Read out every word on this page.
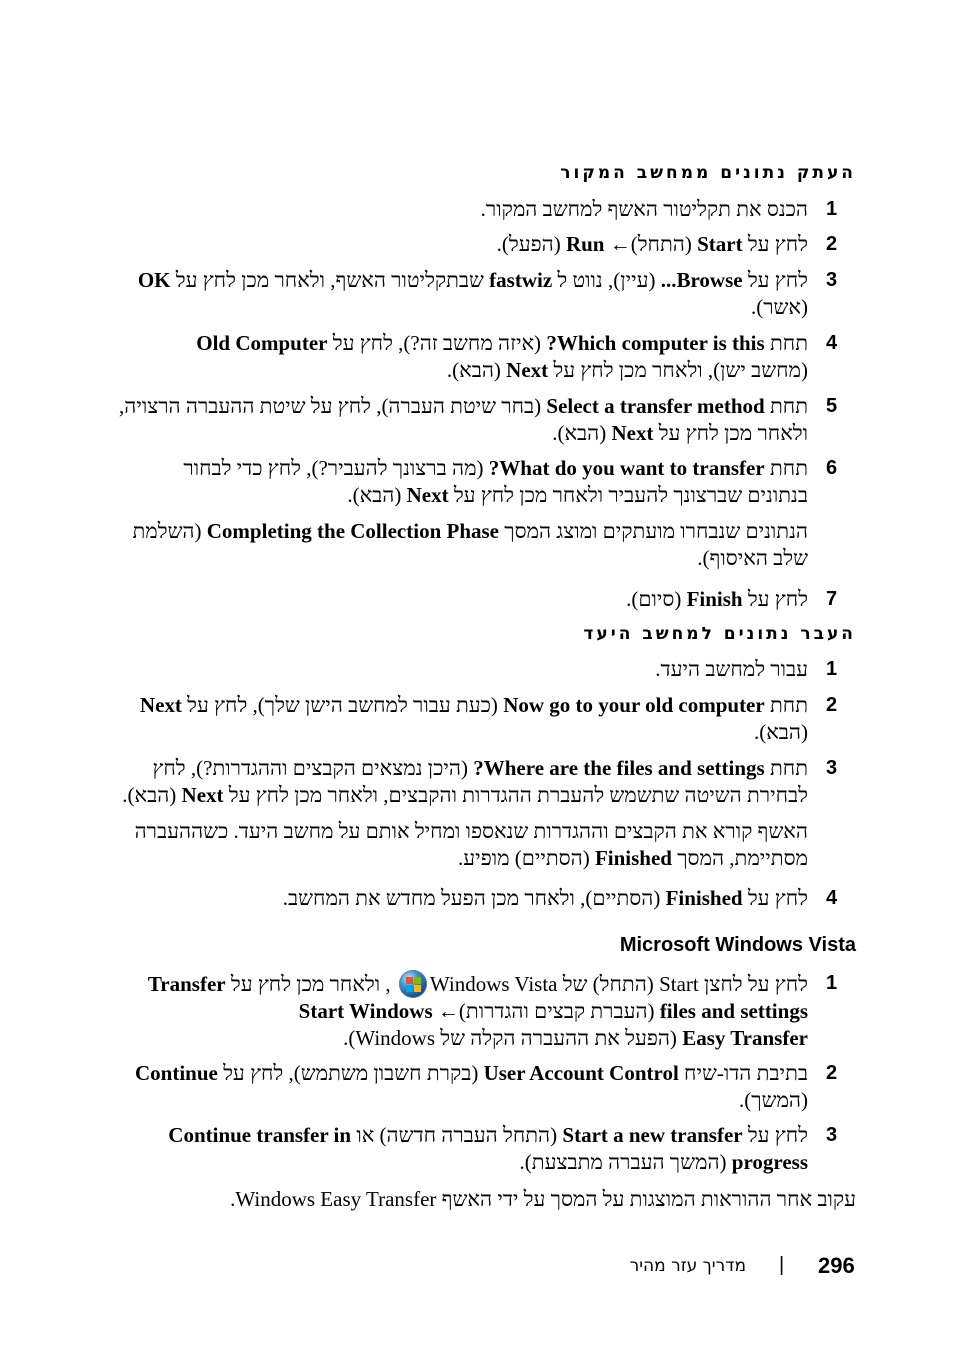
העתק נתונים ממחשב המקור
1
הכנס את תקליטור האשף למחשב המקור.
2
לחץ על Start (התחל)← Run (הפעל).
3
לחץ על Browse... (עיין), נווט ל fastwiz שבתקליטור האשף, ולאחר מכן לחץ על OK
(אשר).
4
תחת Which computer is this? (איזה מחשב זה?), לחץ על Old Computer
(מחשב ישן), ולאחר מכן לחץ על Next (הבא).
5
תחת Select a transfer method (בחר שיטת העברה), לחץ על שיטת ההעברה הרצויה,
ולאחר מכן לחץ על Next (הבא).
6
תחת What do you want to transfer? (מה ברצונך להעביר?), לחץ כדי לבחור
בנתונים שברצונך להעביר ולאחר מכן לחץ על Next (הבא).
הנתונים שנבחרו מועתקים ומוצג המסך Completing the Collection Phase (השלמת
שלב האיסוף).
7
לחץ על Finish (סיום).
העבר נתונים למחשב היעד
1
עבור למחשב היעד.
2
תחת Now go to your old computer (כעת עבור למחשב הישן שלך), לחץ על Next
(הבא).
3
תחת Where are the files and settings? (היכן נמצאים הקבצים וההגדרות?), לחץ
לבחירת השיטה שתשמש להעברת ההגדרות והקבצים, ולאחר מכן לחץ על Next (הבא).
האשף קורא את הקבצים וההגדרות שנאספו ומחיל אותם על מחשב היעד. כשההעברה
מסתיימת, המסך Finished (הסתיים) מופיע.
4
לחץ על Finished (הסתיים), ולאחר מכן הפעל מחדש את המחשב.
Microsoft Windows Vista
1
לחץ על לחצן Start (התחל) של Windows Vista
, ולאחר מכן לחץ על Transfer
files and settings (העברת קבצים והגדרות)← Start Windows
Easy Transfer (הפעל את ההעברה הקלה של Windows).
2
בתיבת הדו-שיח User Account Control (בקרת חשבון משתמש), לחץ על Continue
(המשך).
3
לחץ על Start a new transfer (התחל העברה חדשה) או Continue transfer in
progress (המשך העברה מתבצעת).
עקוב אחר ההוראות המוצגות על המסך על ידי האשף Windows Easy Transfer.
296
|
מדריך עזר מהיר
